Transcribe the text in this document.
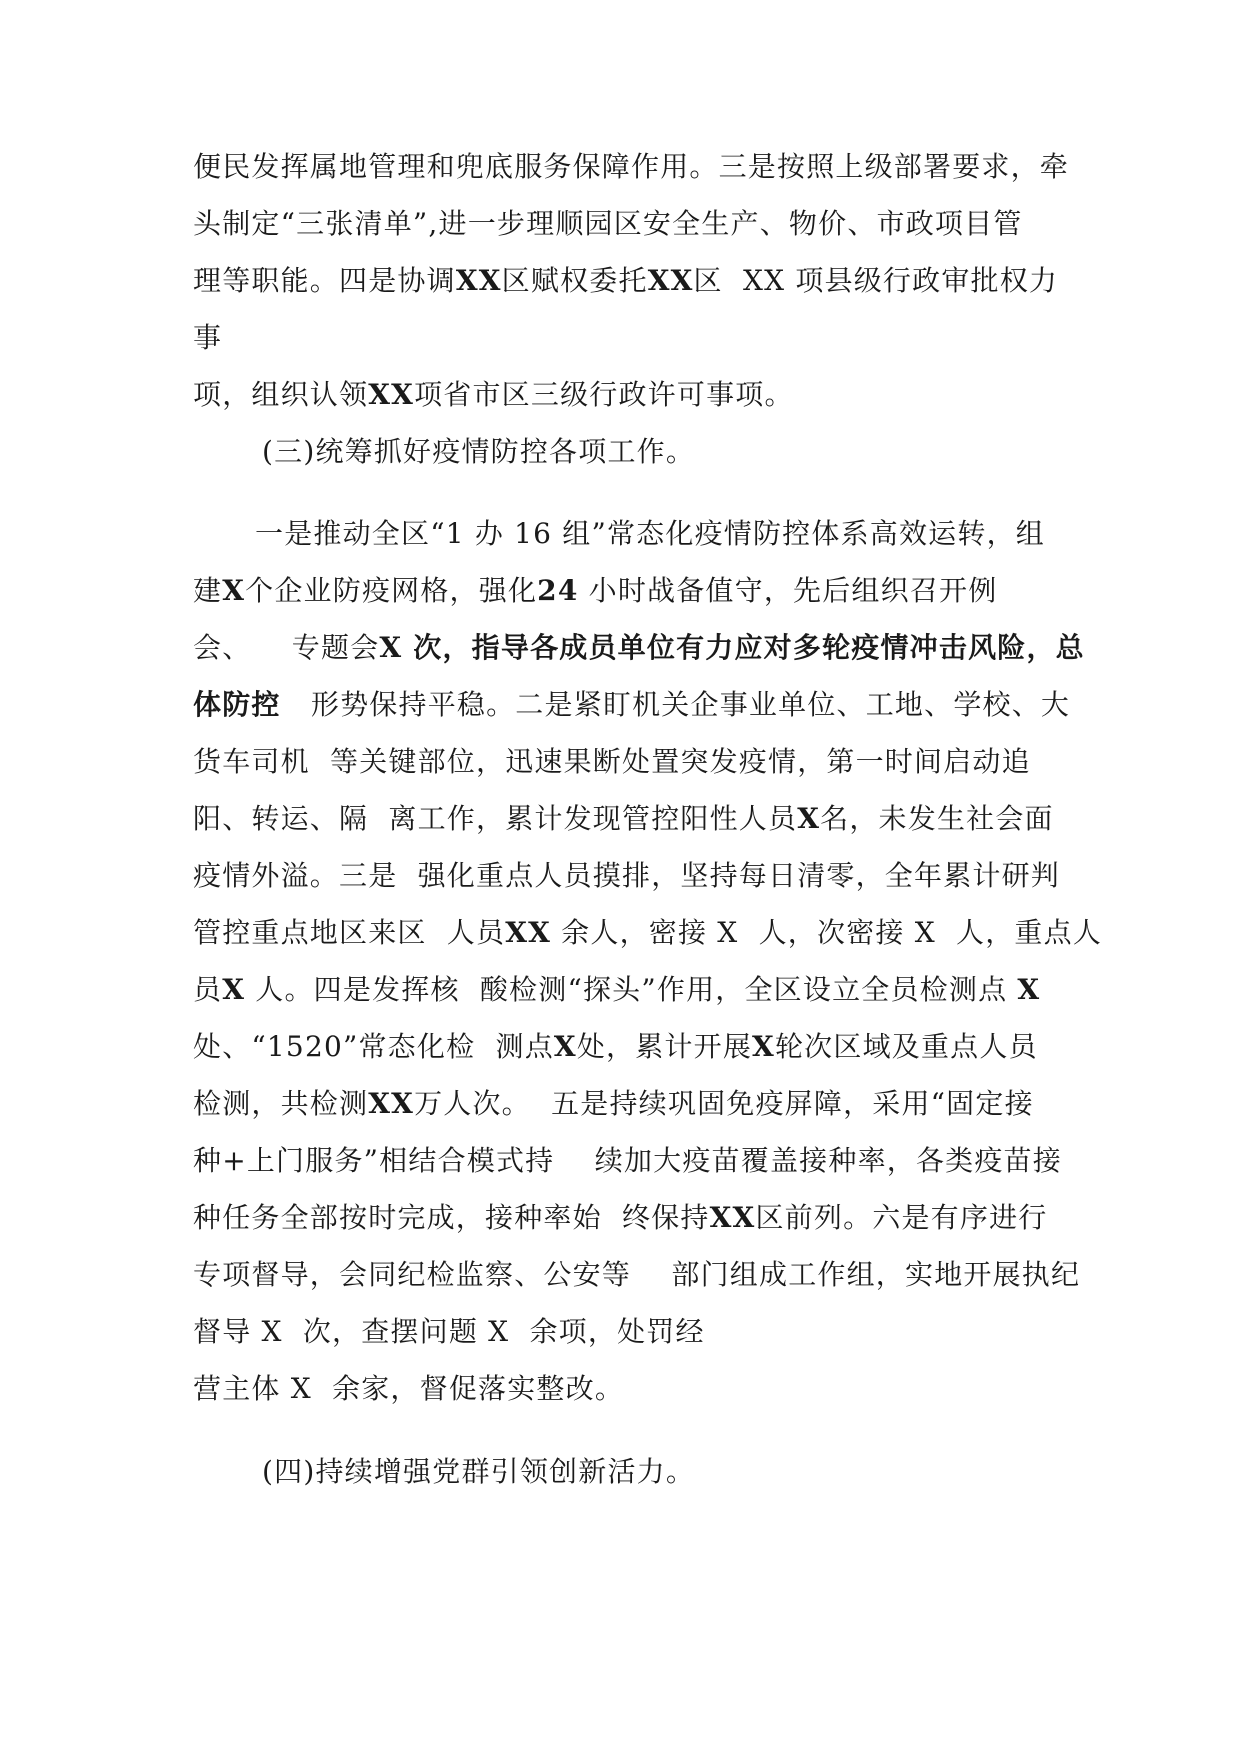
便民发挥属地管理和兜底服务保障作用。三是按照上级部署要求，牵
头制定“三张清单”,进一步理顺园区安全生产、物价、市政项目管
理等职能。四是协调XX区赋权委托XX区  XX 项县级行政审批权力
事
项，组织认领XX项省市区三级行政许可事项。
(三)统筹抓好疫情防控各项工作。
一是推动全区“1 办 16 组”常态化疫情防控体系高效运转，组
建X个企业防疫网格，强化24 小时战备值守，先后组织召开例
会、    专题会X 次，指导各成员单位有力应对多轮疫情冲击风险，总
体防控   形势保持平稳。二是紧盯机关企事业单位、工地、学校、大
货车司机  等关键部位，迅速果断处置突发疫情，第一时间启动追
阳、转运、隔  离工作，累计发现管控阳性人员X名，未发生社会面
疫情外溢。三是  强化重点人员摸排，坚持每日清零，全年累计研判
管控重点地区来区  人员XX 余人，密接 X  人，次密接 X  人，重点人
员X 人。四是发挥核  酸检测“探头”作用，全区设立全员检测点 X
处、“1520”常态化检  测点X处，累计开展X轮次区域及重点人员
检测，共检测XX万人次。  五是持续巩固免疫屏障，采用“固定接
种+上门服务”相结合模式持    续加大疫苗覆盖接种率，各类疫苗接
种任务全部按时完成，接种率始  终保持XX区前列。六是有序进行
专项督导，会同纪检监察、公安等    部门组成工作组，实地开展执纪
督导 X  次，查摆问题 X  余项，处罚经
营主体 X  余家，督促落实整改。
(四)持续增强党群引领创新活力。
